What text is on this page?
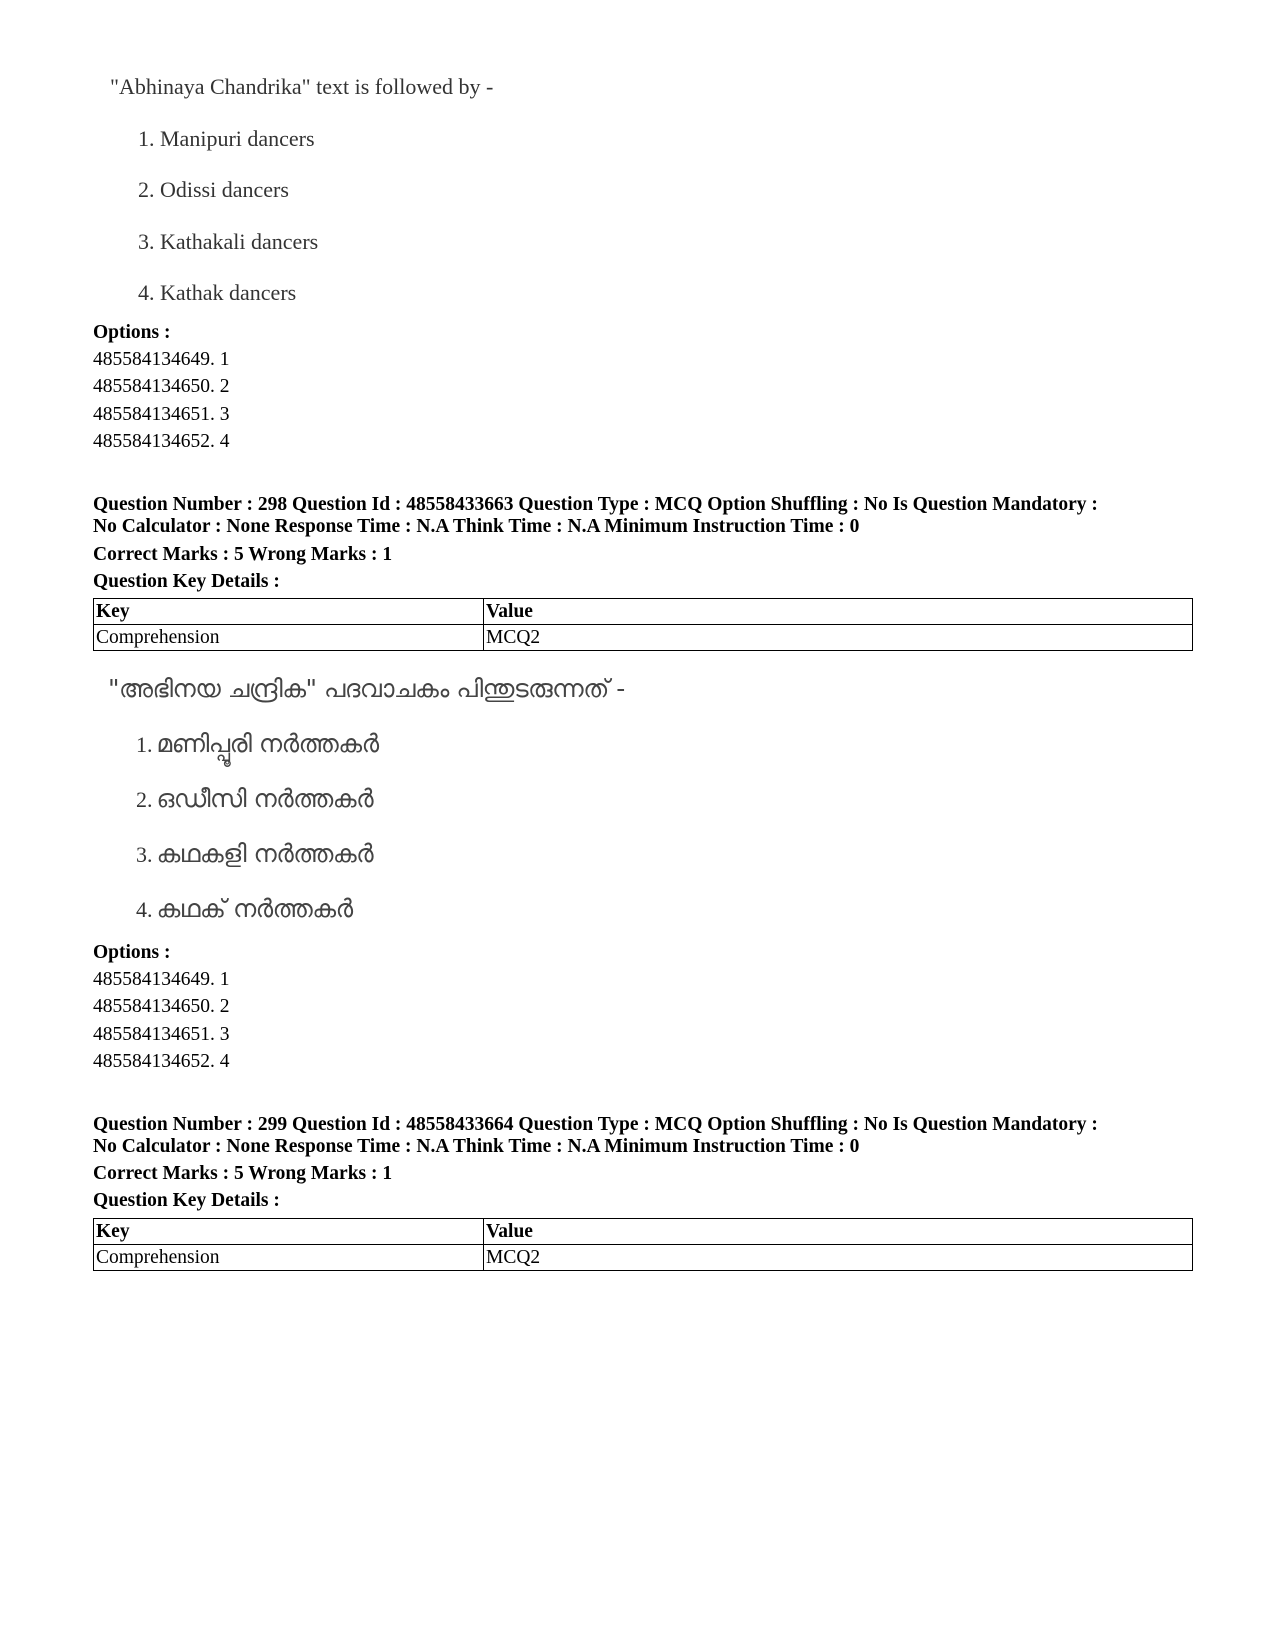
"Abhinaya Chandrika" text is followed by -
1. Manipuri dancers
2. Odissi dancers
3. Kathakali dancers
4. Kathak dancers
Options :
485584134649. 1
485584134650. 2
485584134651. 3
485584134652. 4
Question Number : 298 Question Id : 48558433663 Question Type : MCQ Option Shuffling : No Is Question Mandatory :
No Calculator : None Response Time : N.A Think Time : N.A Minimum Instruction Time : 0
Correct Marks : 5 Wrong Marks : 1
Question Key Details :
Key	Value
Comprehension	MCQ2
"അഭിനയ ചന്ദ്രിക" പദവാചകം പിന്തുടരുന്നത് -
1. മണിപ്പൂരി നർത്തകർ
2. ഒഡീസി നർത്തകർ
3. കഥകളി നർത്തകർ
4. കഥക് നർത്തകർ
Options :
485584134649. 1
485584134650. 2
485584134651. 3
485584134652. 4
Question Number : 299 Question Id : 48558433664 Question Type : MCQ Option Shuffling : No Is Question Mandatory :
No Calculator : None Response Time : N.A Think Time : N.A Minimum Instruction Time : 0
Correct Marks : 5 Wrong Marks : 1
Question Key Details :
Key	Value
Comprehension	MCQ2
